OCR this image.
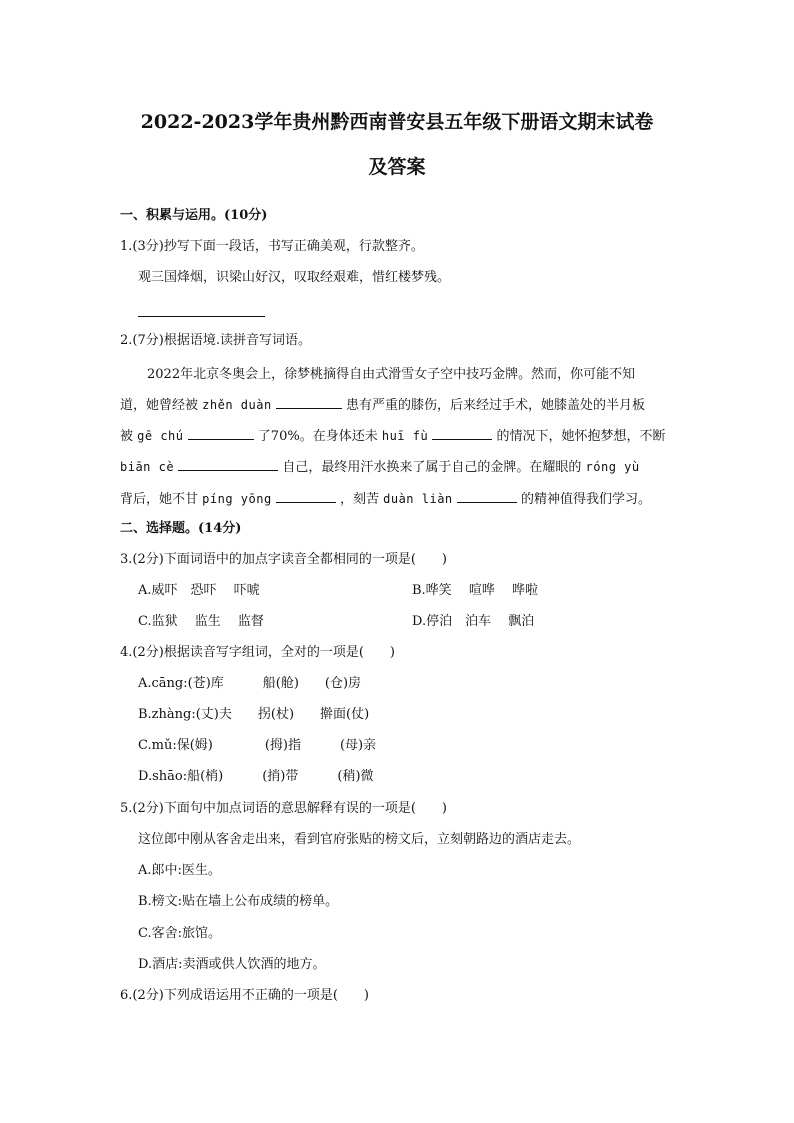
2022-2023学年贵州黔西南普安县五年级下册语文期末试卷
及答案
一、积累与运用。(10分)
1.(3分)抄写下面一段话，书写正确美观，行款整齐。
观三国烽烟，识梁山好汉，叹取经艰难，惜红楼梦残。
2.(7分)根据语境.读拼音写词语。
2022年北京冬奥会上，徐梦桃摘得自由式滑雪女子空中技巧金牌。然而，你可能不知
道，她曾经被 zhěn duàn	患有严重的膝伤，后来经过手术，她膝盖处的半月板
被 gē chú	了70%。在身体还未 huī fù	的情况下，她怀抱梦想，不断
biān cè	自己，最终用汗水换来了属于自己的金牌。在耀眼的 róng yù
背后，她不甘 píng yōng	，刻苦 duàn liàn	的精神值得我们学习。
二、选择题。(14分)
3.(2分)下面词语中的加点字读音全都相同的一项是(　　)
A.威吓　恐吓　 吓唬	B.哗笑　 喧哗　 哗啦
C.监狱　 监生　 监督	D.停泊　泊车　 飘泊
4.(2分)根据读音写字组词，全对的一项是(　　)
A.cāng:(苍)库　　　船(舱)　　(仓)房
B.zhàng:(丈)夫　　拐(杖)　　擀面(仗)
C.mǔ:保(姆)　　　　(拇)指　　　(母)亲
D.shāo:船(梢)　　　(捎)带　　　(稍)微
5.(2分)下面句中加点词语的意思解释有误的一项是(　　)
这位郎中刚从客舍走出来，看到官府张贴的榜文后，立刻朝路边的酒店走去。
A.郎中:医生。
B.榜文:贴在墙上公布成绩的榜单。
C.客舍:旅馆。
D.酒店:卖酒或供人饮酒的地方。
6.(2分)下列成语运用不正确的一项是(　　)
